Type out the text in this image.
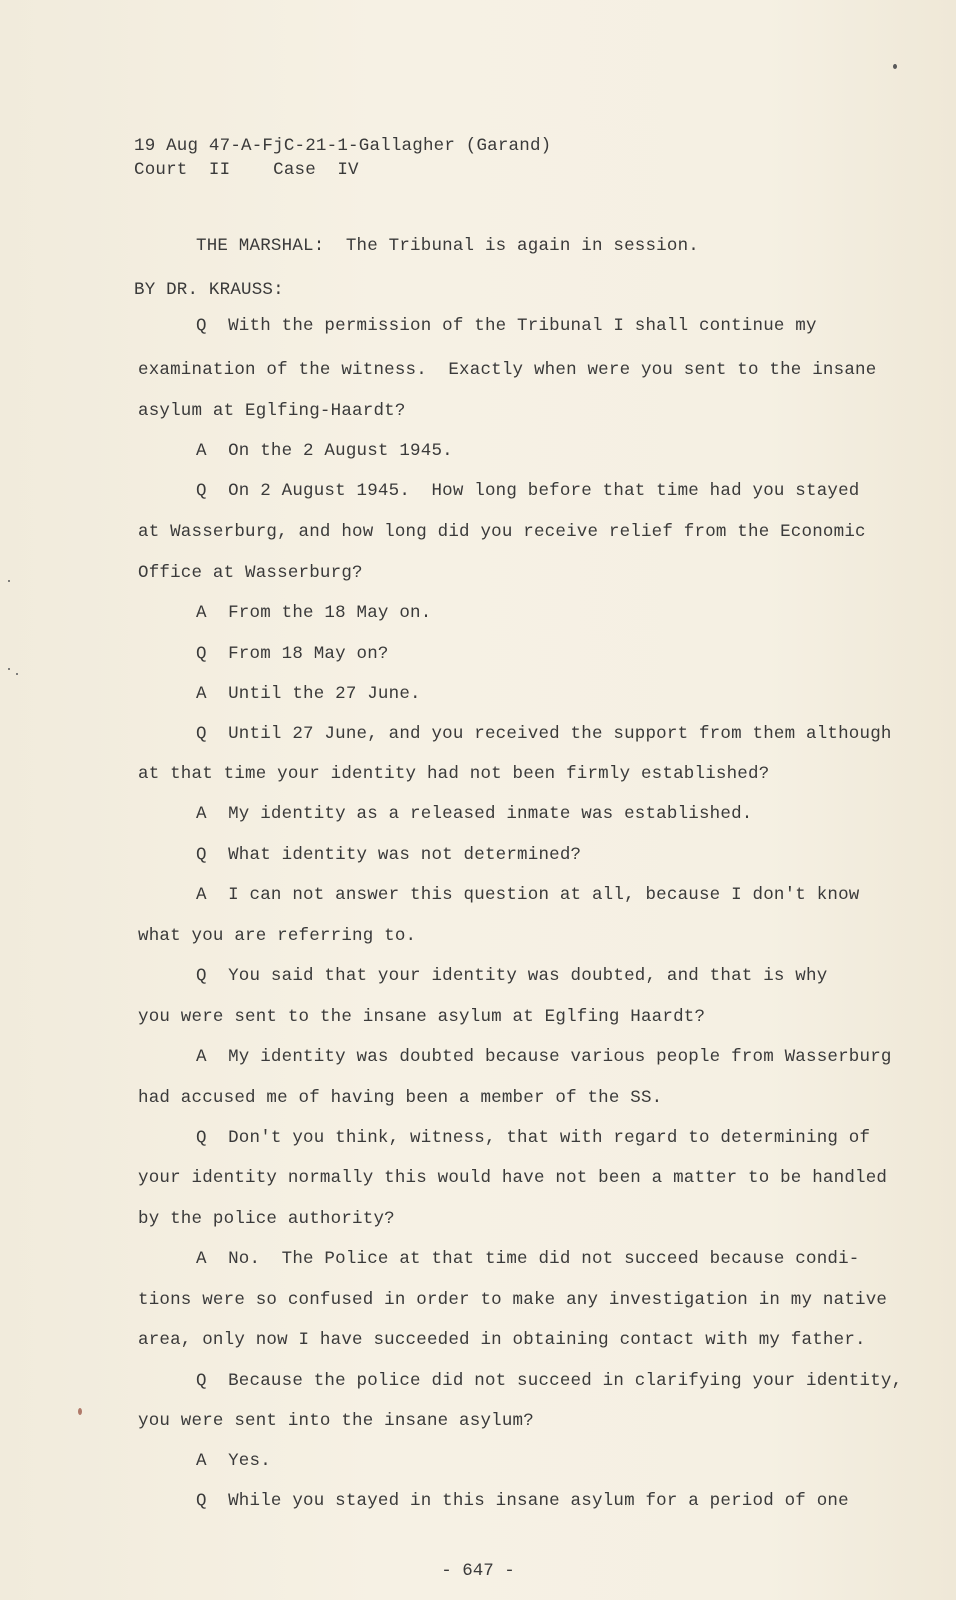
19 Aug 47-A-FjC-21-1-Gallagher (Garand)
Court  II    Case  IV
THE MARSHAL:  The Tribunal is again in session.
BY DR. KRAUSS:
Q  With the permission of the Tribunal I shall continue my
examination of the witness.  Exactly when were you sent to the insane
asylum at Eglfing-Haardt?
A  On the 2 August 1945.
Q  On 2 August 1945.  How long before that time had you stayed
at Wasserburg, and how long did you receive relief from the Economic
Office at Wasserburg?
A  From the 18 May on.
Q  From 18 May on?
A  Until the 27 June.
Q  Until 27 June, and you received the support from them although
at that time your identity had not been firmly established?
A  My identity as a released inmate was established.
Q  What identity was not determined?
A  I can not answer this question at all, because I don't know
what you are referring to.
Q  You said that your identity was doubted, and that is why
you were sent to the insane asylum at Eglfing Haardt?
A  My identity was doubted because various people from Wasserburg
had accused me of having been a member of the SS.
Q  Don't you think, witness, that with regard to determining of
your identity normally this would have not been a matter to be handled
by the police authority?
A  No.  The Police at that time did not succeed because condi-
tions were so confused in order to make any investigation in my native
area, only now I have succeeded in obtaining contact with my father.
Q  Because the police did not succeed in clarifying your identity,
you were sent into the insane asylum?
A  Yes.
Q  While you stayed in this insane asylum for a period of one
- 647 -
